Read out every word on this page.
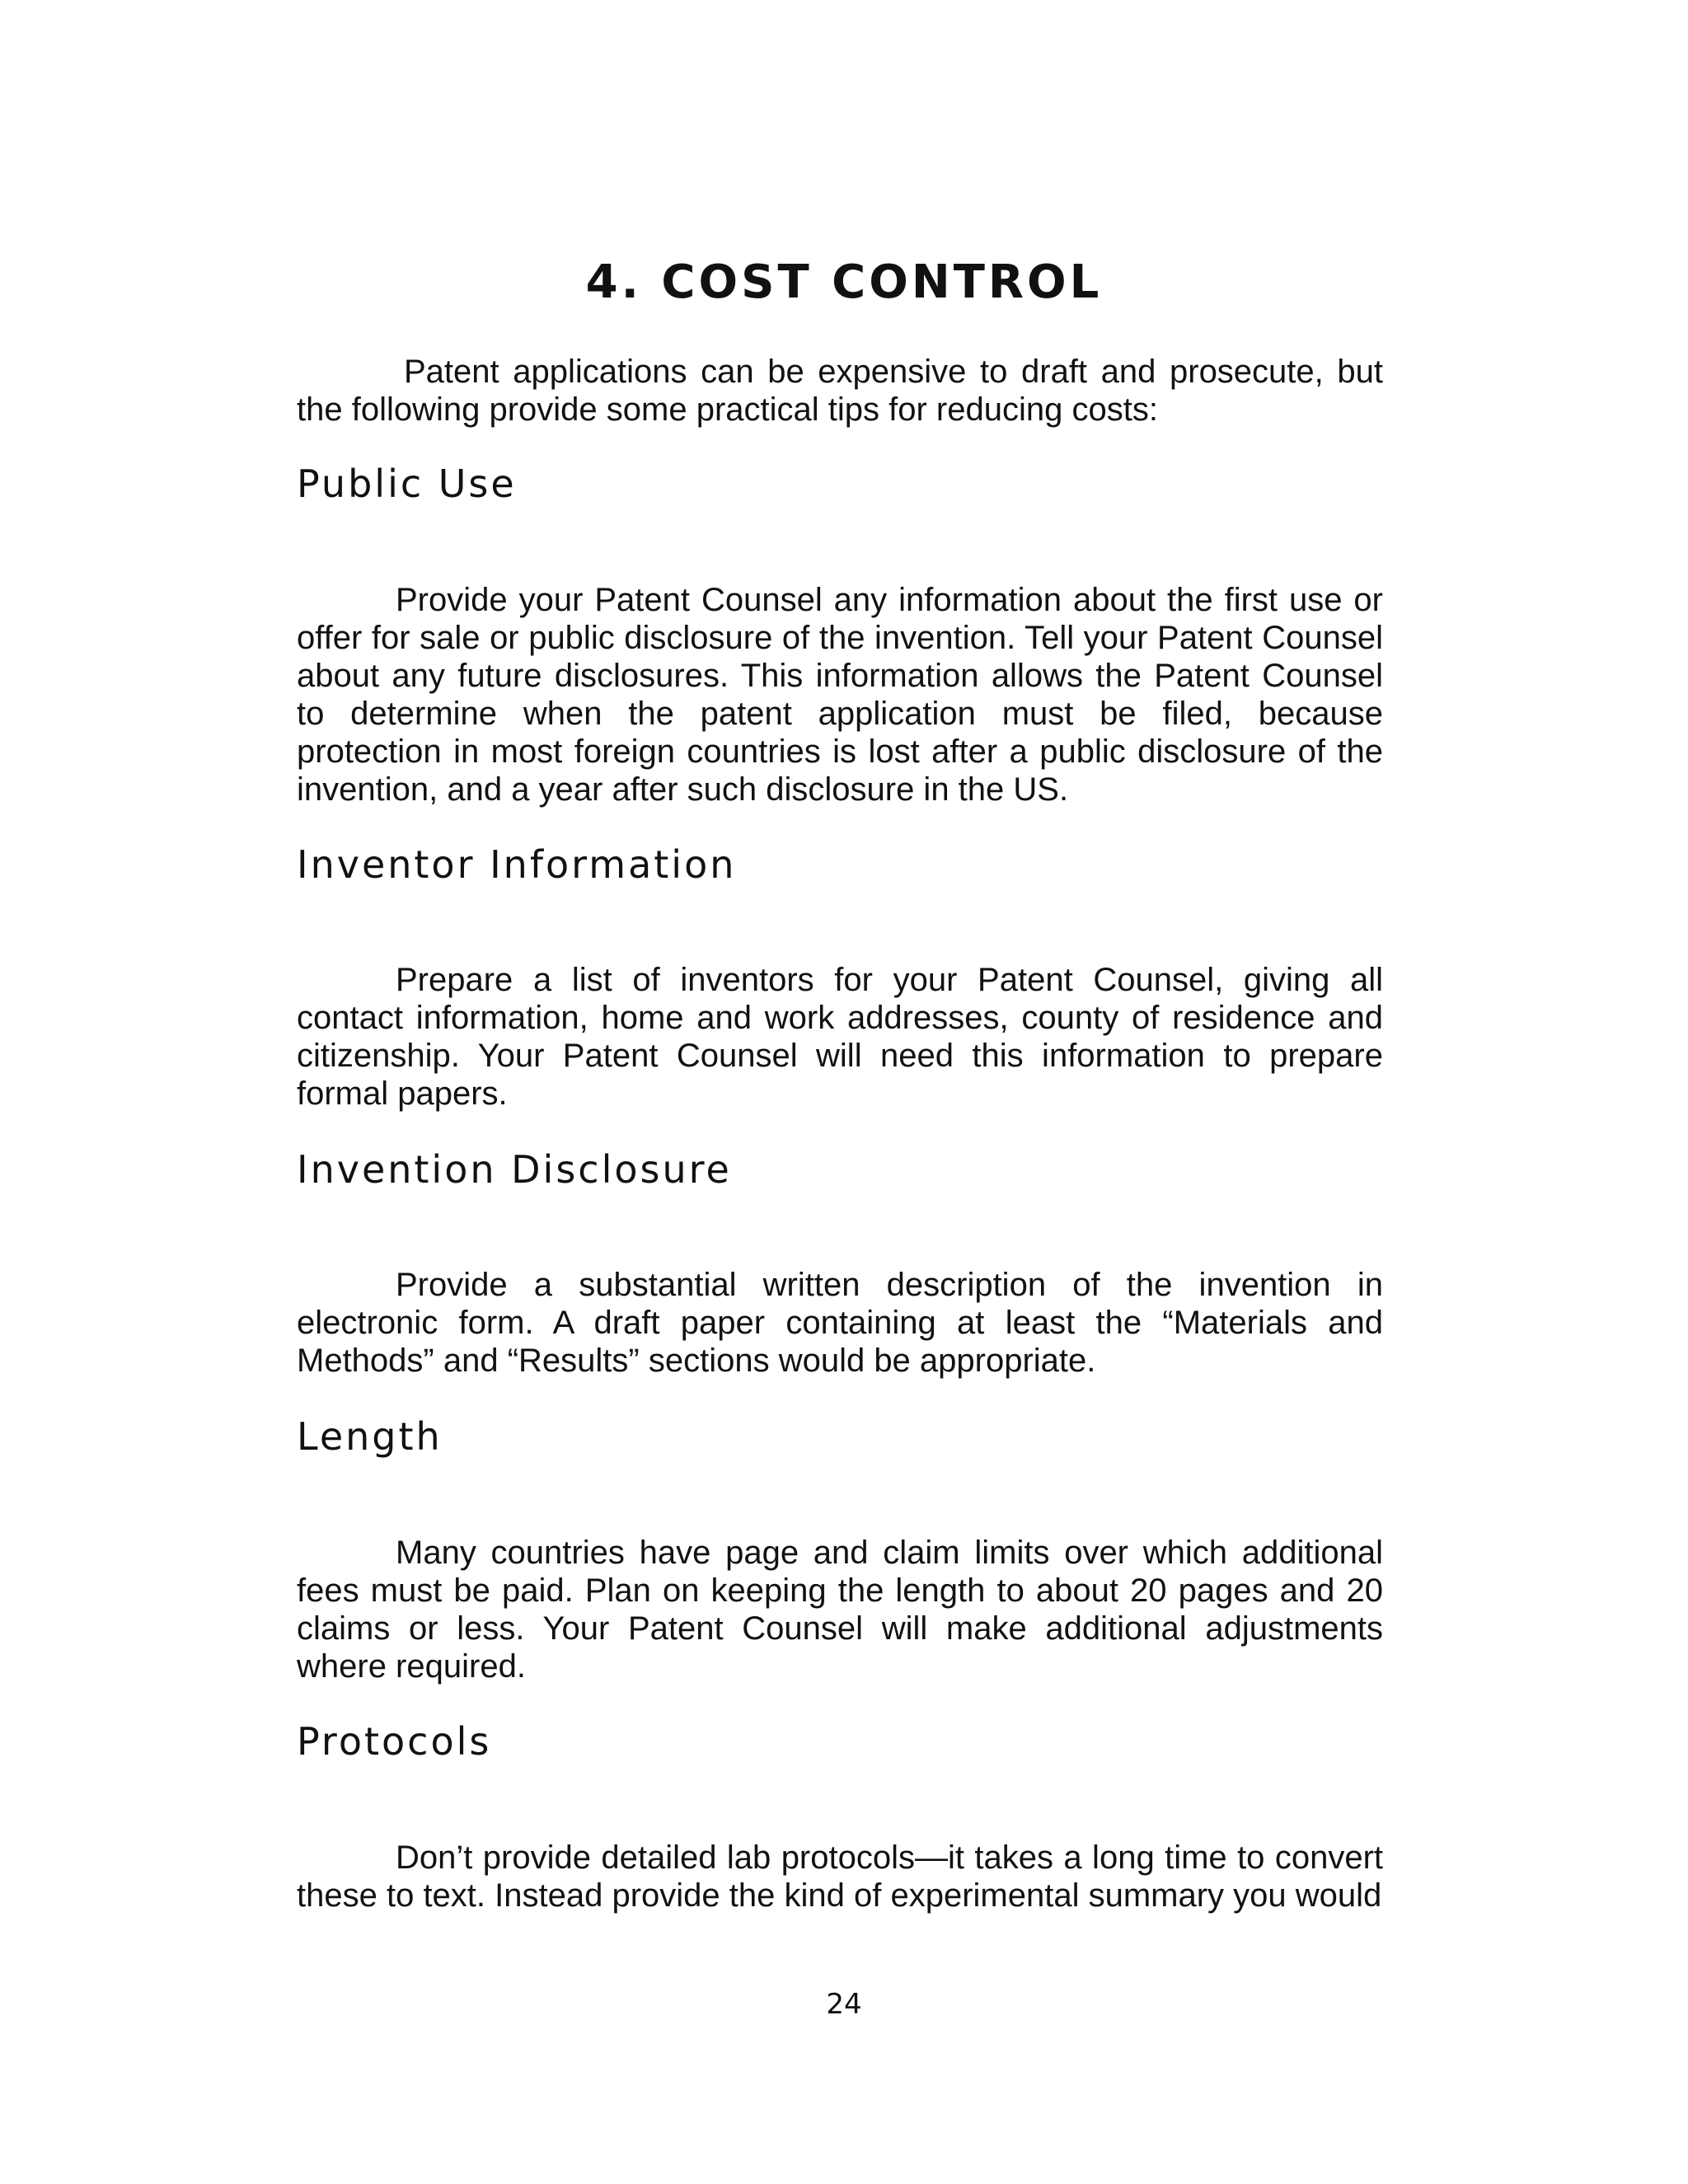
4. COST CONTROL

Patent applications can be expensive to draft and prosecute, but the following provide some practical tips for reducing costs:

Public Use

Provide your Patent Counsel any information about the first use or offer for sale or public disclosure of the invention. Tell your Patent Counsel about any future disclosures. This information allows the Patent Counsel to determine when the patent application must be filed, because protection in most foreign countries is lost after a public disclosure of the invention, and a year after such disclosure in the US.

Inventor Information

Prepare a list of inventors for your Patent Counsel, giving all contact information, home and work addresses, county of residence and citizenship. Your Patent Counsel will need this information to prepare formal papers.

Invention Disclosure

Provide a substantial written description of the invention in electronic form. A draft paper containing at least the “Materials and Methods” and “Results” sections would be appropriate.

Length

Many countries have page and claim limits over which additional fees must be paid. Plan on keeping the length to about 20 pages and 20 claims or less. Your Patent Counsel will make additional adjustments where required.

Protocols

Don’t provide detailed lab protocols—it takes a long time to convert these to text. Instead provide the kind of experimental summary you would

24
